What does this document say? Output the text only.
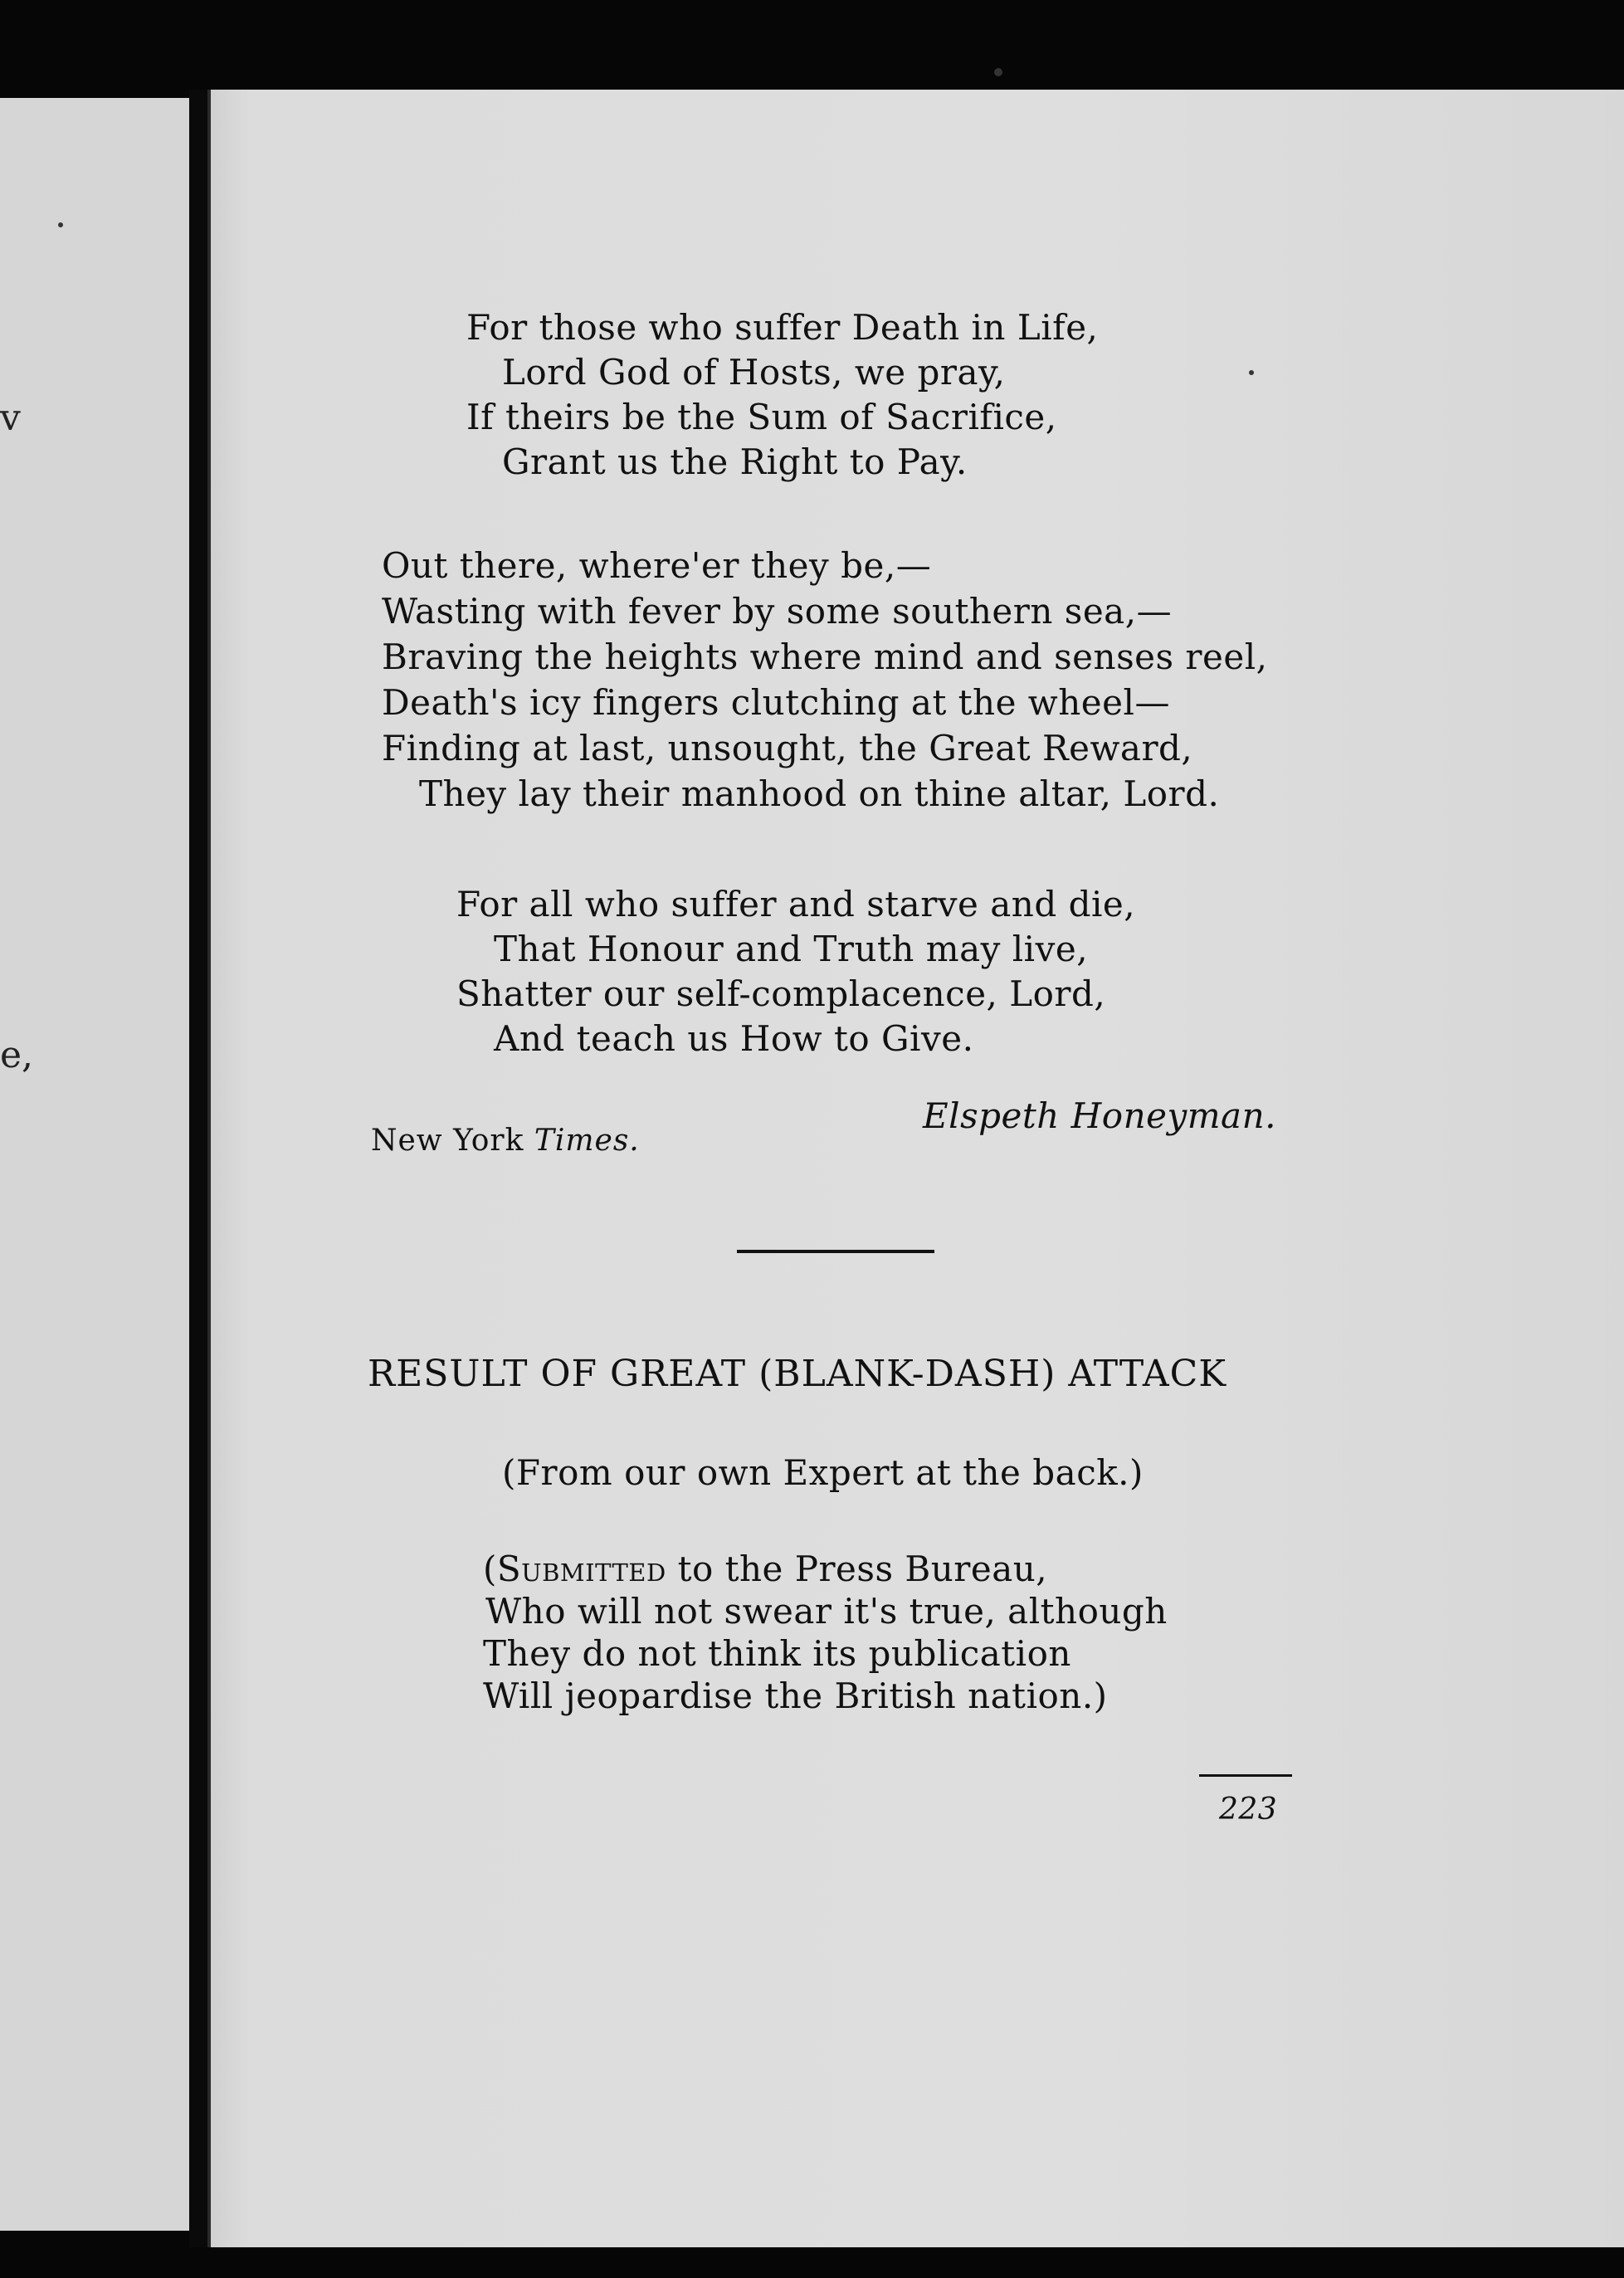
v
e,
For those who suffer Death in Life,
Lord God of Hosts, we pray,
If theirs be the Sum of Sacrifice,
Grant us the Right to Pay.
Out there, where'er they be,—
Wasting with fever by some southern sea,—
Braving the heights where mind and senses reel,
Death's icy fingers clutching at the wheel—
Finding at last, unsought, the Great Reward,
They lay their manhood on thine altar, Lord.
For all who suffer and starve and die,
That Honour and Truth may live,
Shatter our self-complacence, Lord,
And teach us How to Give.
Elspeth Honeyman.
New York Times.
RESULT OF GREAT (BLANK-DASH) ATTACK
(From our own Expert at the back.)
(Submitted to the Press Bureau,
Who will not swear it's true, although
They do not think its publication
Will jeopardise the British nation.)
223
